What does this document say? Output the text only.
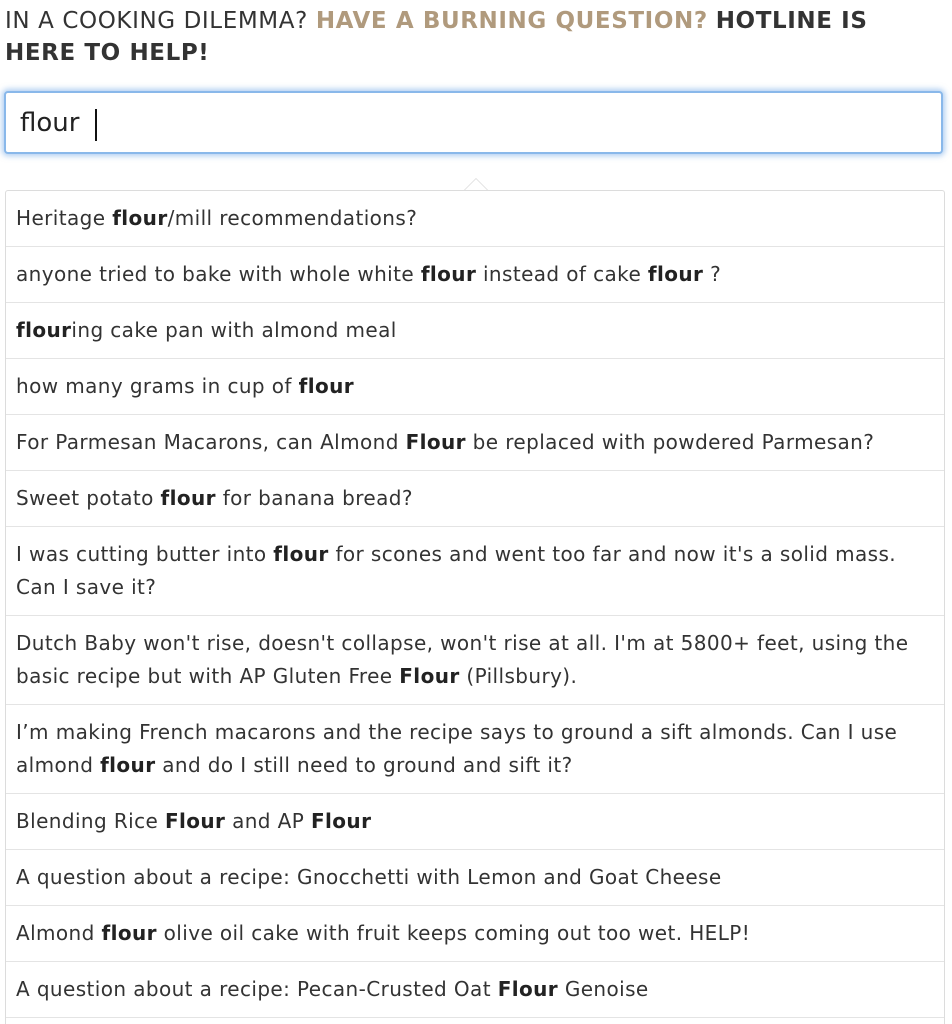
IN A COOKING DILEMMA? HAVE A BURNING QUESTION? HOTLINE IS HERE TO HELP!
flour
Heritage flour/mill recommendations?
anyone tried to bake with whole white flour instead of cake flour ?
flouring cake pan with almond meal
how many grams in cup of flour
For Parmesan Macarons, can Almond Flour be replaced with powdered Parmesan?
Sweet potato flour for banana bread?
I was cutting butter into flour for scones and went too far and now it's a solid mass. Can I save it?
Dutch Baby won't rise, doesn't collapse, won't rise at all. I'm at 5800+ feet, using the basic recipe but with AP Gluten Free Flour (Pillsbury).
I’m making French macarons and the recipe says to ground a sift almonds. Can I use almond flour and do I still need to ground and sift it?
Blending Rice Flour and AP Flour
A question about a recipe: Gnocchetti with Lemon and Goat Cheese
Almond flour olive oil cake with fruit keeps coming out too wet. HELP!
A question about a recipe: Pecan-Crusted Oat Flour Genoise
